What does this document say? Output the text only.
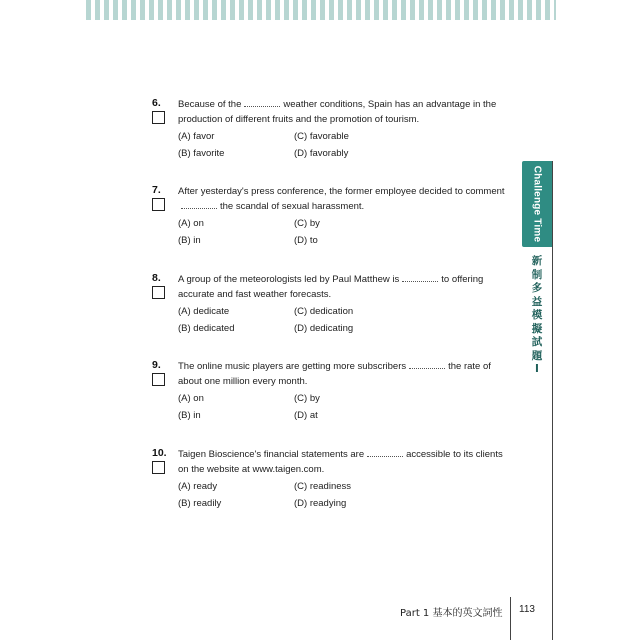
6. Because of the	weather conditions, Spain has an advantage in the production of different fruits and the promotion of tourism.
(A) favor	(C) favorable
(B) favorite	(D) favorably
7. After yesterday's press conference, the former employee decided to commentthe scandal of sexual harassment.
(A) on	(C) by
(B) in	(D) to
8. A group of the meteorologists led by Paul Matthew is	to offering accurate and fast weather forecasts.
(A) dedicate	(C) dedication
(B) dedicated	(D) dedicating
9. The online music players are getting more subscribers	the rate of about one million every month.
(A) on	(C) by
(B) in	(D) at
10. Taigen Bioscience's financial statements are	accessible to its clients on the website at www.taigen.com.
(A) ready	(C) readiness
(B) readily	(D) readying
Challenge Time
新制多益模擬試題Ⅰ
Part 1 基本的英文詞性 113
